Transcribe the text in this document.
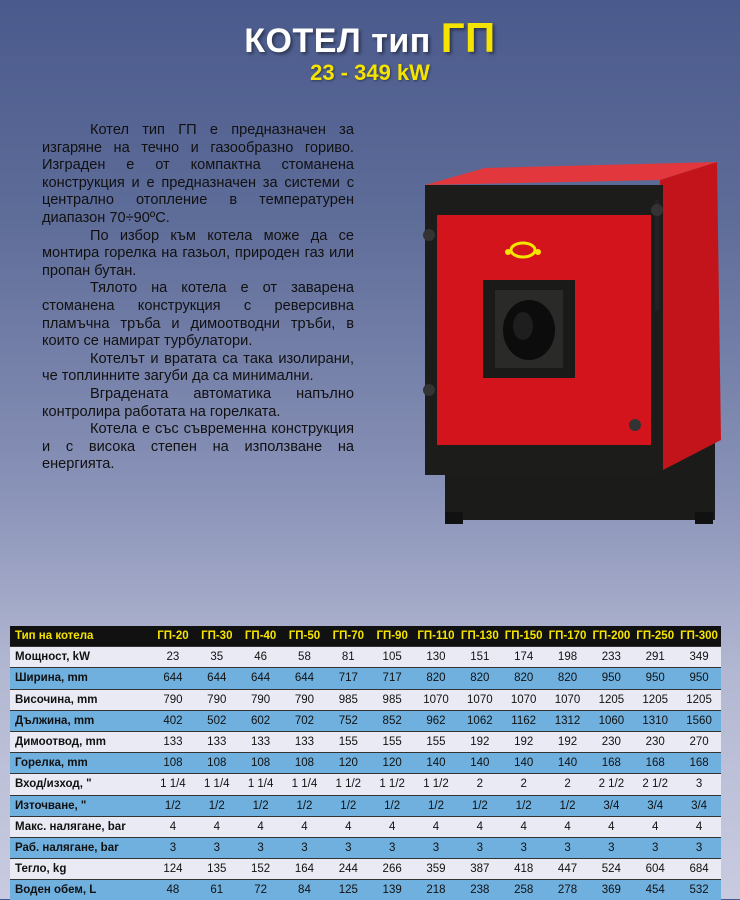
КОТЕЛ тип ГП
23 - 349 kW

Котел тип ГП е предназначен за изгаряне на течно и газообразно гориво. Изграден е от компактна стоманена конструкция и е предназначен за системи с централно отопление в температурен диапазон 70÷90ºC.

По избор към котела може да се монтира горелка на газьол, природен газ или пропан бутан.

Тялото на котела е от заварена стоманена конструкция с реверсивна пламъчна тръба и димоотводни тръби, в които се намират турбулатори.

Котелът и вратата са така изолирани, че топлинните загуби да са минимални.

Вградената автоматика напълно контролира работата на горелката.

Котела е със съвременна конструкция и с висока степен на използване на енергията.

Тип на котела	ГП-20	ГП-30	ГП-40	ГП-50	ГП-70	ГП-90	ГП-110	ГП-130	ГП-150	ГП-170	ГП-200	ГП-250	ГП-300
Мощност, kW	23	35	46	58	81	105	130	151	174	198	233	291	349
Ширина, mm	644	644	644	644	717	717	820	820	820	820	950	950	950
Височина, mm	790	790	790	790	985	985	1070	1070	1070	1070	1205	1205	1205
Дължина, mm	402	502	602	702	752	852	962	1062	1162	1312	1060	1310	1560
Димоотвод, mm	133	133	133	133	155	155	155	192	192	192	230	230	270
Горелка, mm	108	108	108	108	120	120	140	140	140	140	168	168	168
Вход/изход, "	1 1/4	1 1/4	1 1/4	1 1/4	1 1/2	1 1/2	1 1/2	2	2	2	2 1/2	2 1/2	3
Източване, "	1/2	1/2	1/2	1/2	1/2	1/2	1/2	1/2	1/2	1/2	3/4	3/4	3/4
Макс. налягане, bar	4	4	4	4	4	4	4	4	4	4	4	4	4
Раб. налягане, bar	3	3	3	3	3	3	3	3	3	3	3	3	3
Тегло, kg	124	135	152	164	244	266	359	387	418	447	524	604	684
Воден обем, L	48	61	72	84	125	139	218	238	258	278	369	454	532
